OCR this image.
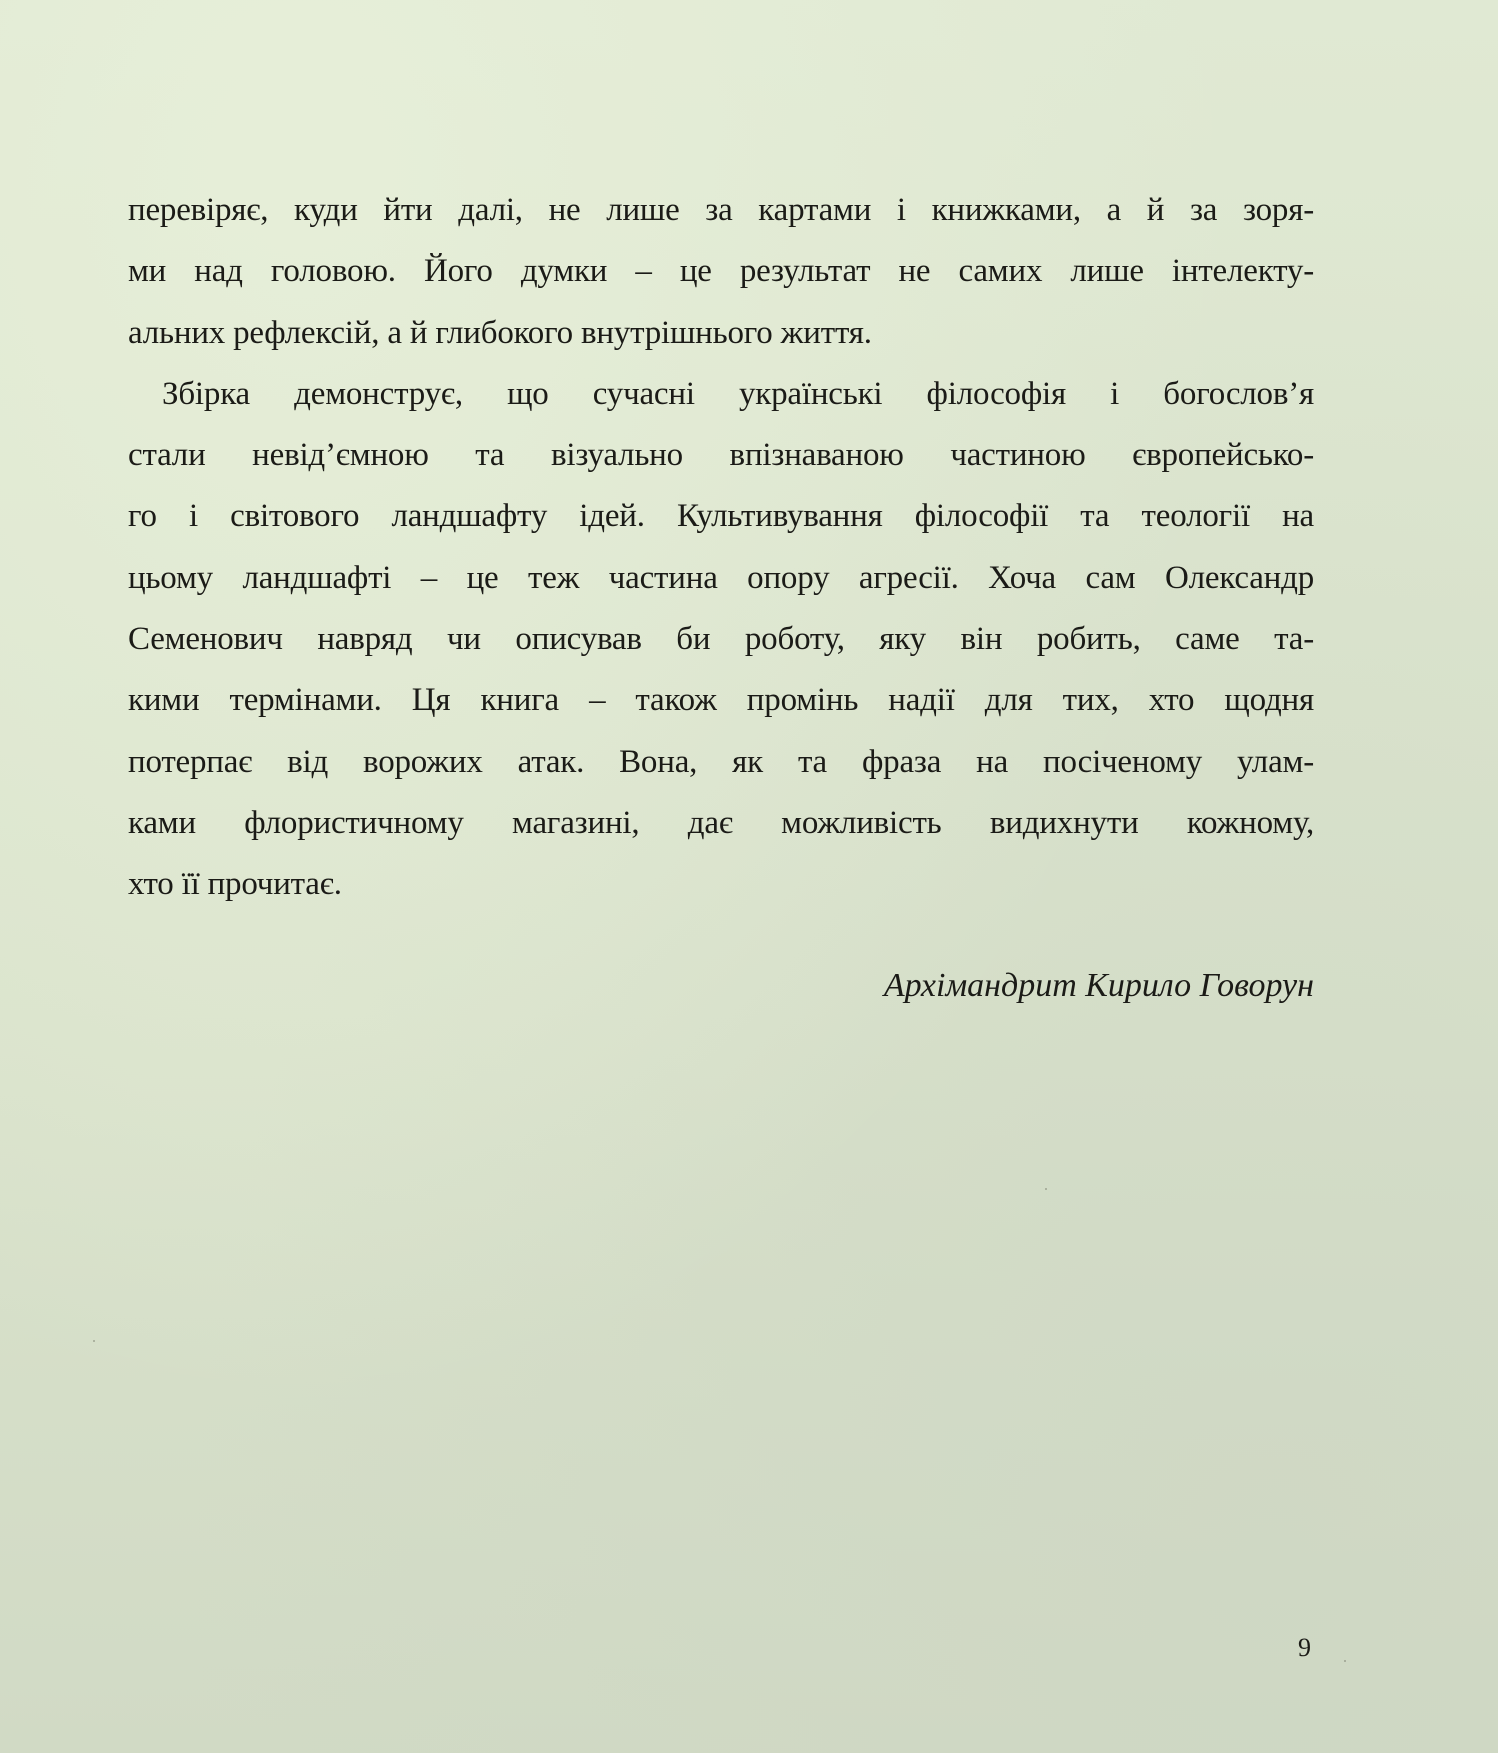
перевіряє, куди йти далі, не лише за картами і книжками, а й за зоря-
ми над головою. Його думки – це результат не самих лише інтелекту-
альних рефлексій, а й глибокого внутрішнього життя.
Збірка демонструє, що сучасні українські філософія і богослов’я
стали невід’ємною та візуально впізнаваною частиною європейсько-
го і світового ландшафту ідей. Культивування філософії та теології на
цьому ландшафті – це теж частина опору агресії. Хоча сам Олександр
Семенович навряд чи описував би роботу, яку він робить, саме та-
кими термінами. Ця книга – також промінь надії для тих, хто щодня
потерпає від ворожих атак. Вона, як та фраза на посіченому улам-
ками флористичному магазині, дає можливість видихнути кожному,
хто її прочитає.
Архімандрит Кирило Говорун
9
